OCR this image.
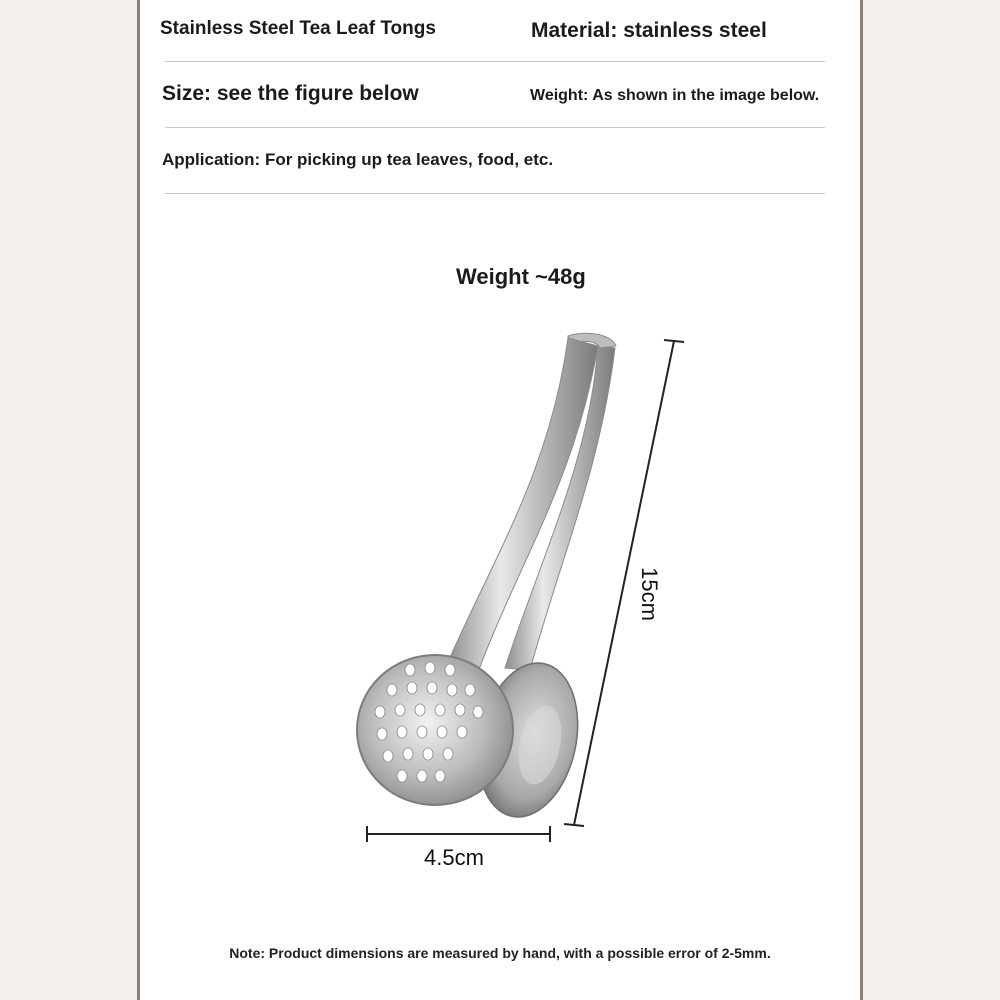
Stainless Steel Tea Leaf Tongs	Material: stainless steel
Size: see the figure below	Weight: As shown in the image below.
Application: For picking up tea leaves, food, etc.
Weight ~48g
15cm
4.5cm
Note: Product dimensions are measured by hand, with a possible error of 2-5mm.
